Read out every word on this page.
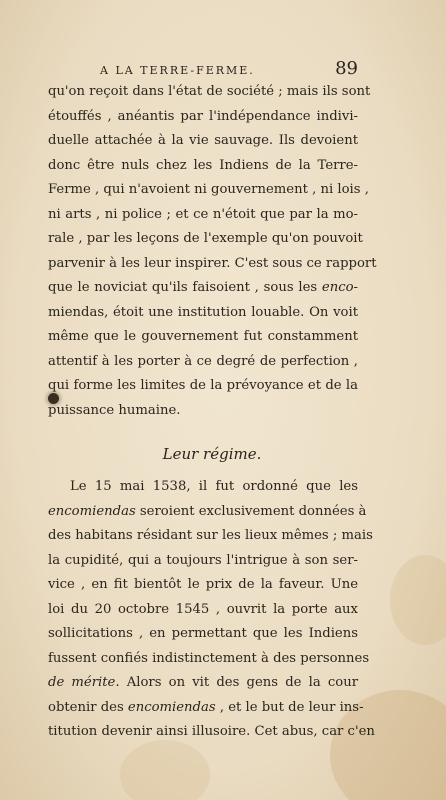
A LA TERRE-FERME.	89
qu'on reçoit dans l'état de société ; mais ils sont
étouffés , anéantis par l'indépendance indivi-
duelle attachée à la vie sauvage. Ils devoient
donc être nuls chez les Indiens de la Terre-
Ferme , qui n'avoient ni gouvernement , ni lois ,
ni arts , ni police ; et ce n'étoit que par la mo-
rale , par les leçons de l'exemple qu'on pouvoit
parvenir à les leur inspirer. C'est sous ce rapport
que le noviciat qu'ils faisoient , sous les enco-
miendas, étoit une institution louable. On voit
même que le gouvernement fut constamment
attentif à les porter à ce degré de perfection ,
qui forme les limites de la prévoyance et de la
puissance humaine.
Leur régime.
Le 15 mai 1538, il fut ordonné que les
encomiendas seroient exclusivement données à
des habitans résidant sur les lieux mêmes ; mais
la cupidité, qui a toujours l'intrigue à son ser-
vice , en fit bientôt le prix de la faveur. Une
loi du 20 octobre 1545 , ouvrit la porte aux
sollicitations , en permettant que les Indiens
fussent confiés indistinctement à des personnes
de mérite. Alors on vit des gens de la cour
obtenir des encomiendas , et le but de leur ins-
titution devenir ainsi illusoire. Cet abus, car c'en
